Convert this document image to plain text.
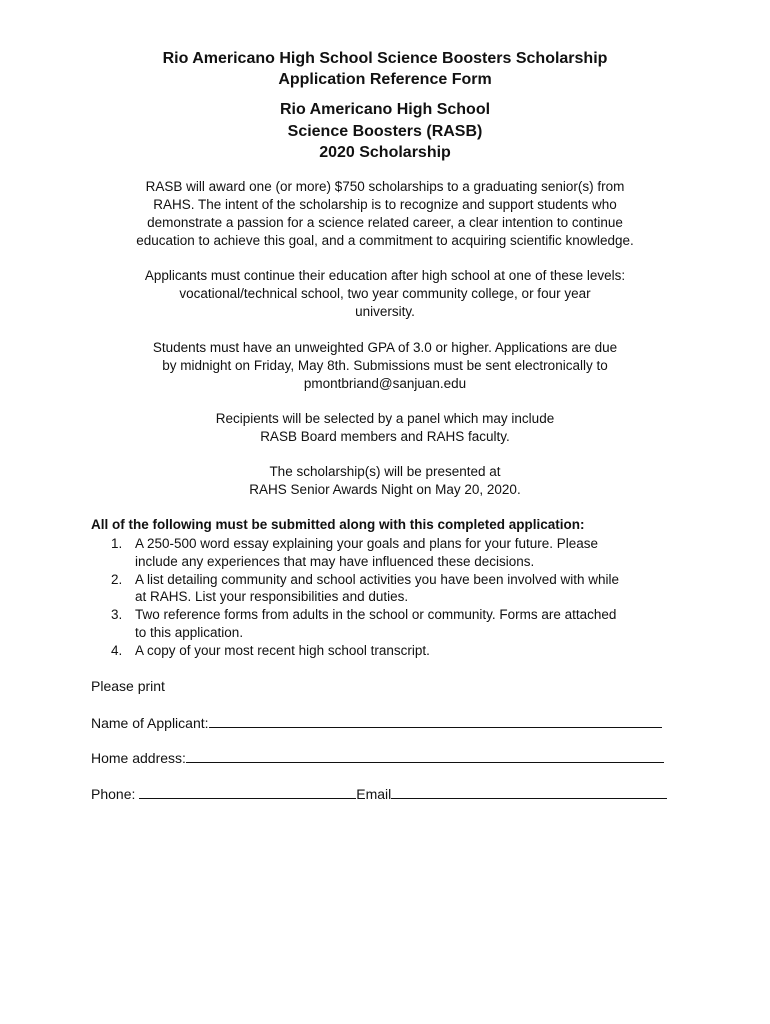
Rio Americano High School Science Boosters Scholarship
Application Reference Form
Rio Americano High School
Science Boosters (RASB)
2020 Scholarship
RASB will award one (or more) $750 scholarships to a graduating senior(s) from
RAHS. The intent of the scholarship is to recognize and support students who
demonstrate a passion for a science related career, a clear intention to continue
education to achieve this goal, and a commitment to acquiring scientific knowledge.
Applicants must continue their education after high school at one of these levels:
vocational/technical school, two year community college, or four year
university.
Students must have an unweighted GPA of 3.0 or higher. Applications are due
by midnight on Friday, May 8th. Submissions must be sent electronically to
pmontbriand@sanjuan.edu
Recipients will be selected by a panel which may include
RASB Board members and RAHS faculty.
The scholarship(s) will be presented at
RAHS Senior Awards Night on May 20, 2020.
All of the following must be submitted along with this completed application:
1. A 250-500 word essay explaining your goals and plans for your future. Please
include any experiences that may have influenced these decisions.
2. A list detailing community and school activities you have been involved with while
at RAHS. List your responsibilities and duties.
3. Two reference forms from adults in the school or community. Forms are attached
to this application.
4. A copy of your most recent high school transcript.
Please print
Name of Applicant:
Home address:
Phone:	Email
